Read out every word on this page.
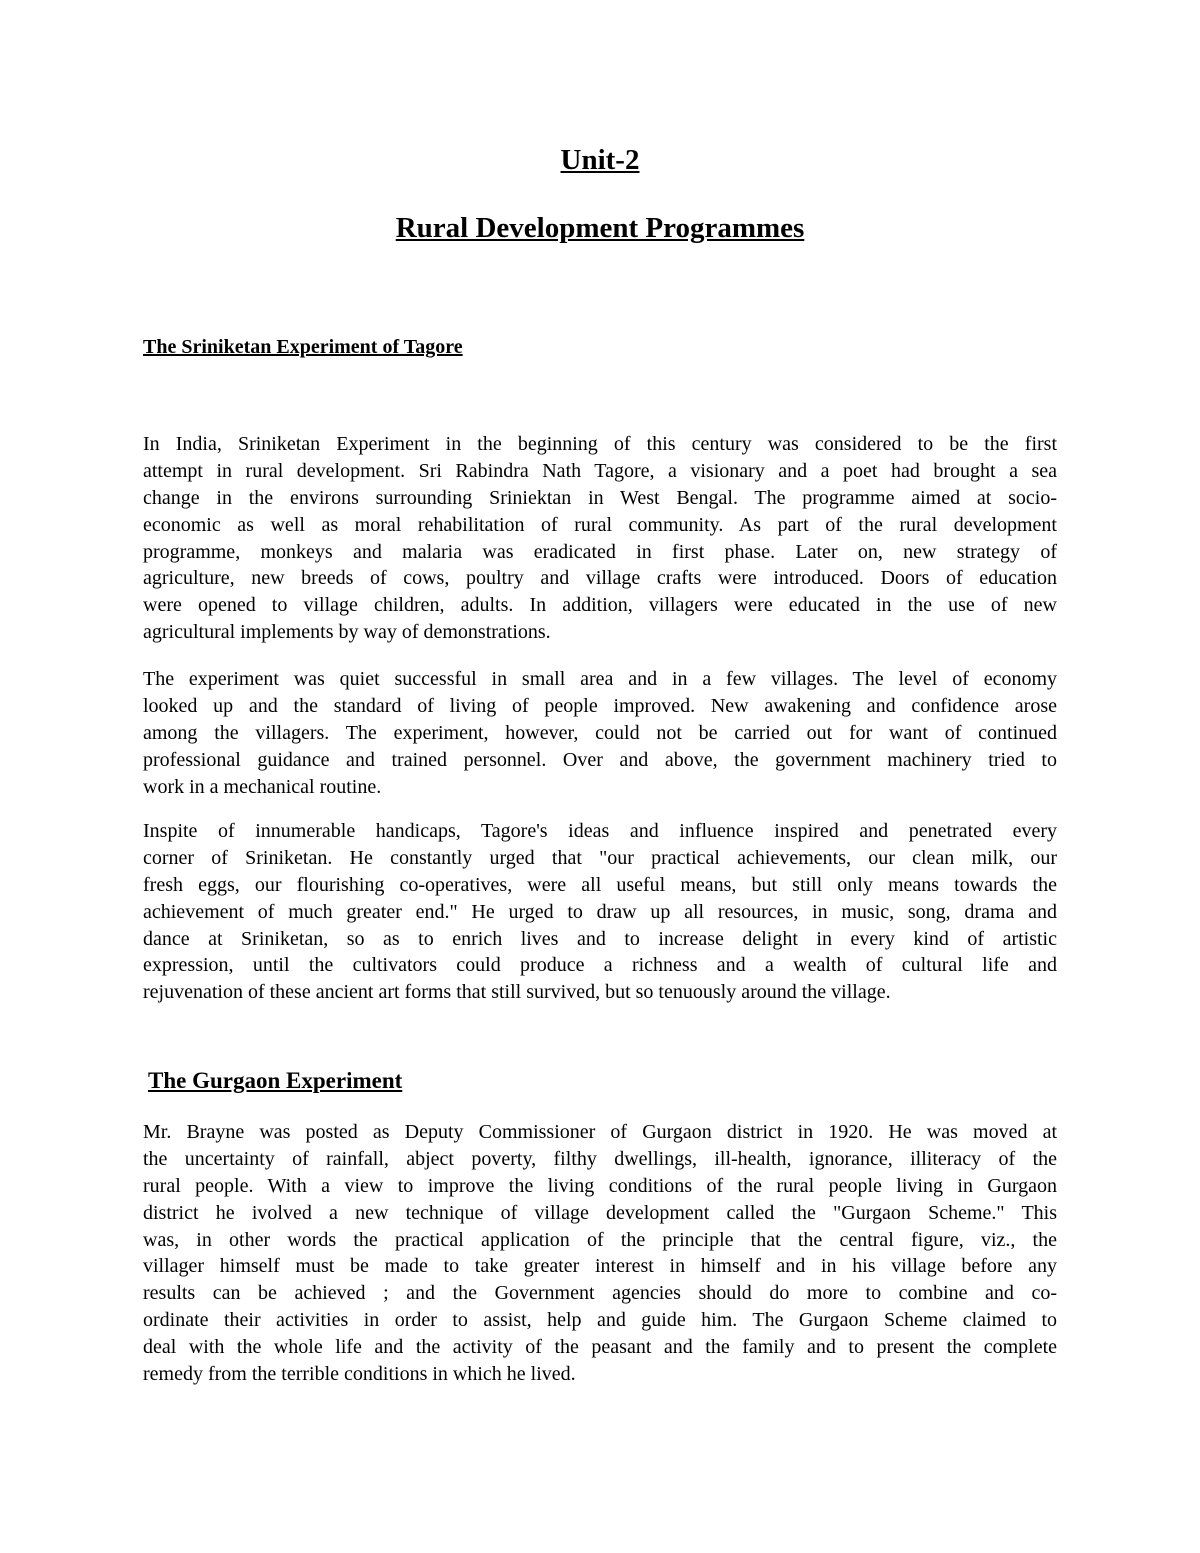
Unit-2
Rural Development Programmes
The Sriniketan Experiment of Tagore
In India, Sriniketan Experiment in the beginning of this century was considered to be the first
attempt in rural development. Sri Rabindra Nath Tagore, a visionary and a poet had brought a sea
change in the environs surrounding Sriniektan in West Bengal. The programme aimed at socio-
economic as well as moral rehabilitation of rural community. As part of the rural development
programme, monkeys and malaria was eradicated in first phase. Later on, new strategy of
agriculture, new breeds of cows, poultry and village crafts were introduced. Doors of education
were opened to village children, adults. In addition, villagers were educated in the use of new
agricultural implements by way of demonstrations.
The experiment was quiet successful in small area and in a few villages. The level of economy
looked up and the standard of living of people improved. New awakening and confidence arose
among the villagers. The experiment, however, could not be carried out for want of continued
professional guidance and trained personnel. Over and above, the government machinery tried to
work in a mechanical routine.
Inspite of innumerable handicaps, Tagore's ideas and influence inspired and penetrated every
corner of Sriniketan. He constantly urged that "our practical achievements, our clean milk, our
fresh eggs, our flourishing co-operatives, were all useful means, but still only means towards the
achievement of much greater end." He urged to draw up all resources, in music, song, drama and
dance at Sriniketan, so as to enrich lives and to increase delight in every kind of artistic
expression, until the cultivators could produce a richness and a wealth of cultural life and
rejuvenation of these ancient art forms that still survived, but so tenuously around the village.
The Gurgaon Experiment
Mr. Brayne was posted as Deputy Commissioner of Gurgaon district in 1920. He was moved at
the uncertainty of rainfall, abject poverty, filthy dwellings, ill-health, ignorance, illiteracy of the
rural people. With a view to improve the living conditions of the rural people living in Gurgaon
district he ivolved a new technique of village development called the "Gurgaon Scheme." This
was, in other words the practical application of the principle that the central figure, viz., the
villager himself must be made to take greater interest in himself and in his village before any
results can be achieved ; and the Government agencies should do more to combine and co-
ordinate their activities in order to assist, help and guide him. The Gurgaon Scheme claimed to
deal with the whole life and the activity of the peasant and the family and to present the complete
remedy from the terrible conditions in which he lived.
